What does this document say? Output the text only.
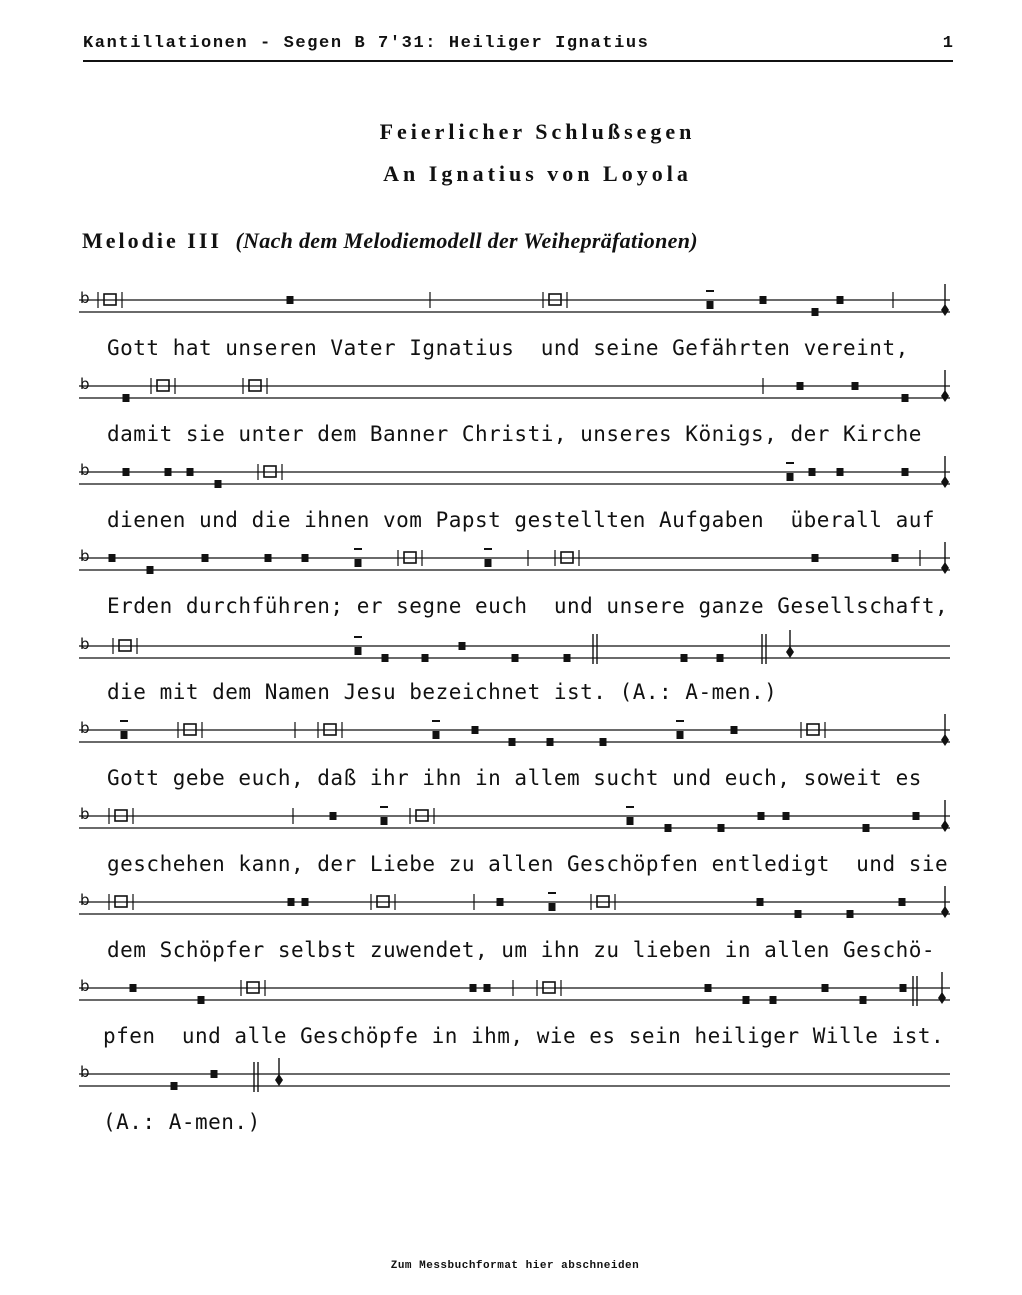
Kantillationen - Segen B 7'31: Heiliger Ignatius	1
Feierlicher Schlußsegen
An Ignatius von Loyola
Melodie III (Nach dem Melodiemodell der Weihepräfationen)
b
b
b
b
b
b
b
b
b
b
Gott hat unseren Vater Ignatius  und seine Gefährten vereint,
damit sie unter dem Banner Christi, unseres Königs, der Kirche
dienen und die ihnen vom Papst gestellten Aufgaben  überall auf
Erden durchführen; er segne euch  und unsere ganze Gesellschaft,
die mit dem Namen Jesu bezeichnet ist. (A.: A-men.)
Gott gebe euch, daß ihr ihn in allem sucht und euch, soweit es
geschehen kann, der Liebe zu allen Geschöpfen entledigt  und sie
dem Schöpfer selbst zuwendet, um ihn zu lieben in allen Geschö-
pfen  und alle Geschöpfe in ihm, wie es sein heiliger Wille ist.
(A.: A-men.)
Zum Messbuchformat hier abschneiden
